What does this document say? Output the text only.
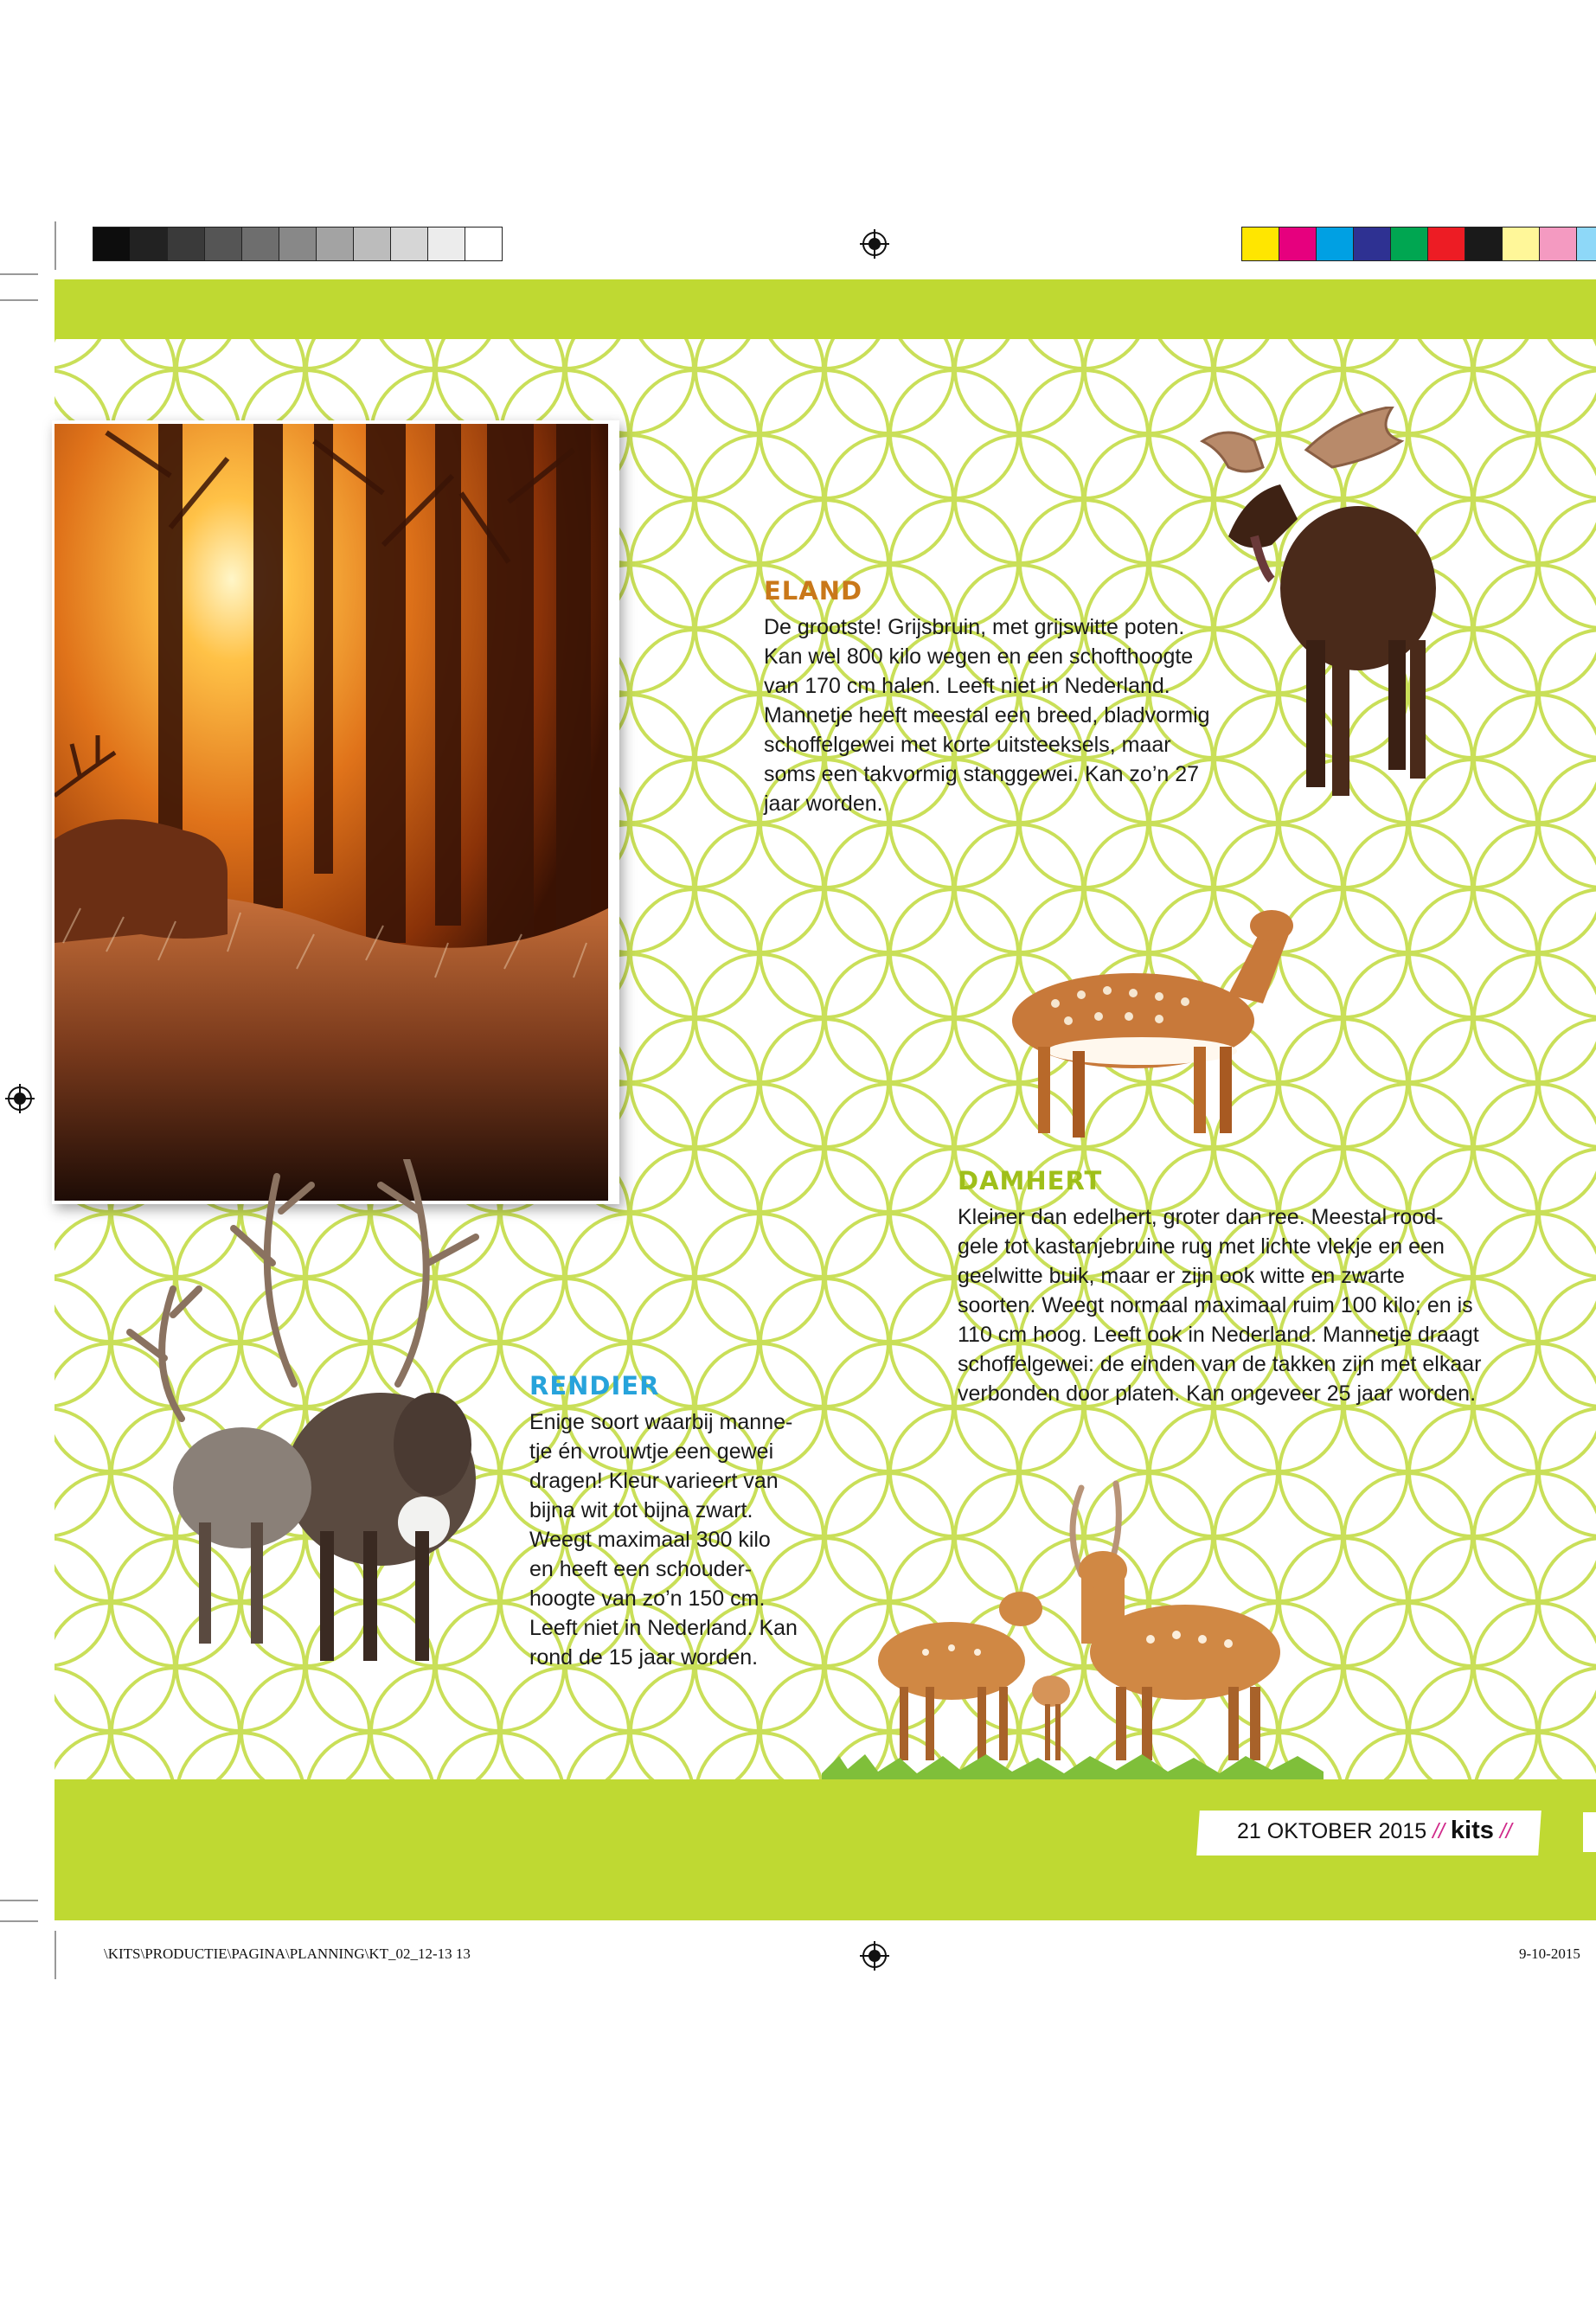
ELAND

De grootste! Grijsbruin, met grijswitte poten.
Kan wel 800 kilo wegen en een schofthoogte
van 170 cm halen. Leeft niet in Nederland.
Mannetje heeft meestal een breed, bladvormig
schoffelgewei met korte uitsteeksels, maar
soms een takvormig stanggewei. Kan zo’n 27
jaar worden.

DAMHERT

Kleiner dan edelhert, groter dan ree. Meestal rood-
gele tot kastanjebruine rug met lichte vlekje en een
geelwitte buik, maar er zijn ook witte en zwarte
soorten. Weegt normaal maximaal ruim 100 kilo; en is
110 cm hoog. Leeft ook in Nederland. Mannetje draagt
schoffelgewei: de einden van de takken zijn met elkaar
verbonden door platen. Kan ongeveer 25 jaar worden.

RENDIER

Enige soort waarbij manne-
tje én vrouwtje een gewei
dragen! Kleur varieert van
bijna wit tot bijna zwart.
Weegt maximaal 300 kilo
en heeft een schouder-
hoogte van zo’n 150 cm.
Leeft niet in Nederland. Kan
rond de 15 jaar worden.

21 OKTOBER 2015 // kits //
\KITS\PRODUCTIE\PAGINA\PLANNING\KT_02_12-13 13	9-10-2015
